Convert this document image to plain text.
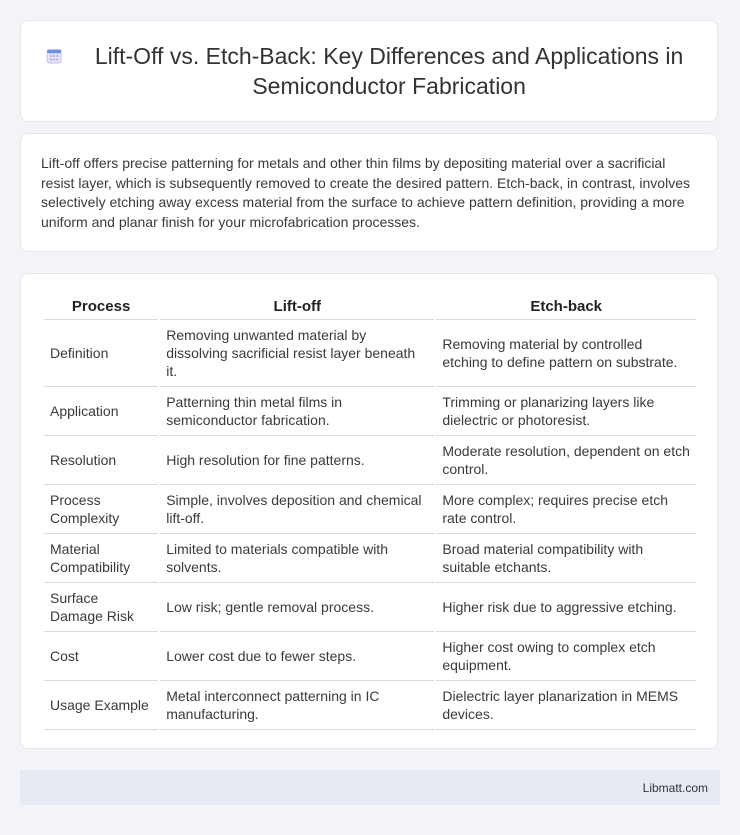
Lift-Off vs. Etch-Back: Key Differences and Applications in Semiconductor Fabrication

Lift-off offers precise patterning for metals and other thin films by depositing material over a sacrificial resist layer, which is subsequently removed to create the desired pattern. Etch-back, in contrast, involves selectively etching away excess material from the surface to achieve pattern definition, providing a more uniform and planar finish for your microfabrication processes.

Process	Lift-off	Etch-back
Definition	Removing unwanted material by dissolving sacrificial resist layer beneath it.	Removing material by controlled etching to define pattern on substrate.
Application	Patterning thin metal films in semiconductor fabrication.	Trimming or planarizing layers like dielectric or photoresist.
Resolution	High resolution for fine patterns.	Moderate resolution, dependent on etch control.
Process Complexity	Simple, involves deposition and chemical lift-off.	More complex; requires precise etch rate control.
Material Compatibility	Limited to materials compatible with solvents.	Broad material compatibility with suitable etchants.
Surface Damage Risk	Low risk; gentle removal process.	Higher risk due to aggressive etching.
Cost	Lower cost due to fewer steps.	Higher cost owing to complex etch equipment.
Usage Example	Metal interconnect patterning in IC manufacturing.	Dielectric layer planarization in MEMS devices.
Libmatt.com
